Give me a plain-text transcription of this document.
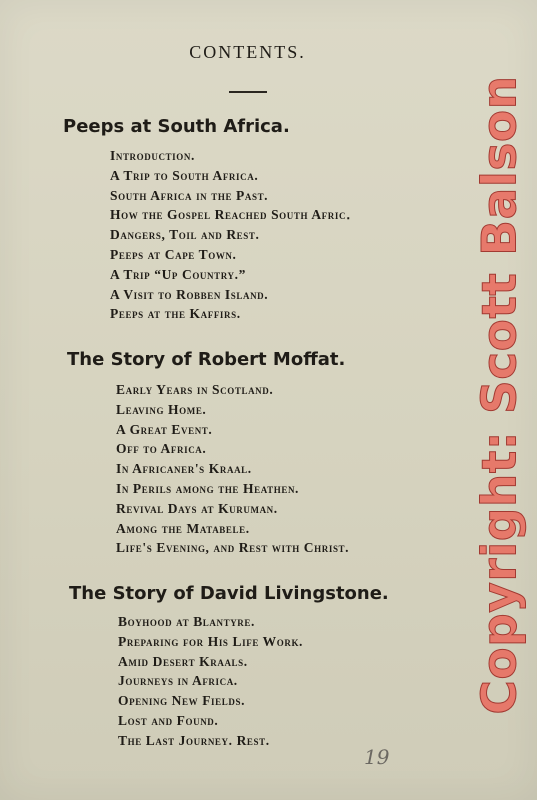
CONTENTS.
Peeps at South Africa.
Introduction.
A Trip to South Africa.
South Africa in the Past.
How the Gospel Reached South Afric․
Dangers, Toil and Rest.
Peeps at Cape Town.
A Trip “Up Country.”
A Visit to Robben Island.
Peeps at the Kaffirs.
The Story of Robert Moffat.
Early Years in Scotland.
Leaving Home.
A Great Event.
Off to Africa.
In Africaner's Kraal.
In Perils among the Heathen.
Revival Days at Kuruman.
Among the Matabele.
Life's Evening, and Rest with Christ.
The Story of David Livingstone.
Boyhood at Blantyre.
Preparing for His Life Work.
Amid Desert Kraals.
Journeys in Africa.
Opening New Fields.
Lost and Found.
The Last Journey. Rest.
19
Copyright: Scott Balson
